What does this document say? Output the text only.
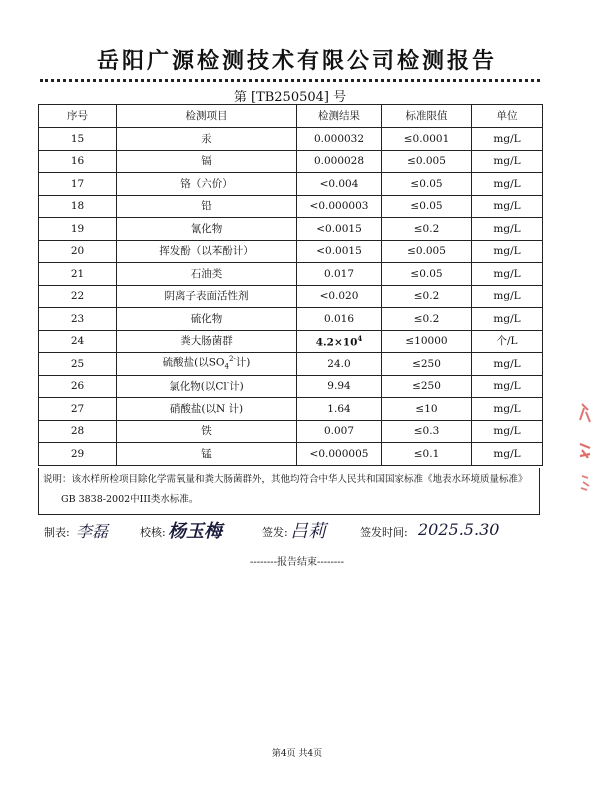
岳阳广源检测技术有限公司检测报告
第 [TB250504] 号
序号	检测项目	检测结果	标准限值	单位
15	汞	0.000032	≤0.0001	mg/L
16	镉	0.000028	≤0.005	mg/L
17	铬（六价）	<0.004	≤0.05	mg/L
18	铅	<0.000003	≤0.05	mg/L
19	氰化物	<0.0015	≤0.2	mg/L
20	挥发酚（以苯酚计）	<0.0015	≤0.005	mg/L
21	石油类	0.017	≤0.05	mg/L
22	阴离子表面活性剂	<0.020	≤0.2	mg/L
23	硫化物	0.016	≤0.2	mg/L
24	粪大肠菌群	$4.2\times 10^4$	≤10000	个/L
25	硫酸盐(以$SO_4^{2-}$计)	24.0	≤250	mg/L
26	氯化物(以Cl-计)	9.94	≤250	mg/L
27	硝酸盐(以N 计)	1.64	≤10	mg/L
28	铁	0.007	≤0.3	mg/L
29	锰	<0.000005	≤0.1	mg/L
说明：该水样所检项目除化学需氧量和粪大肠菌群外，其他均符合中华人民共和国国家标准《地表水环境质量标准》
GB 3838-2002中III类水标准。
制表: 李磊	校核: 杨玉梅	签发: 吕莉	签发时间: 2025.5.30
--------报告结束--------
第4页 共4页
